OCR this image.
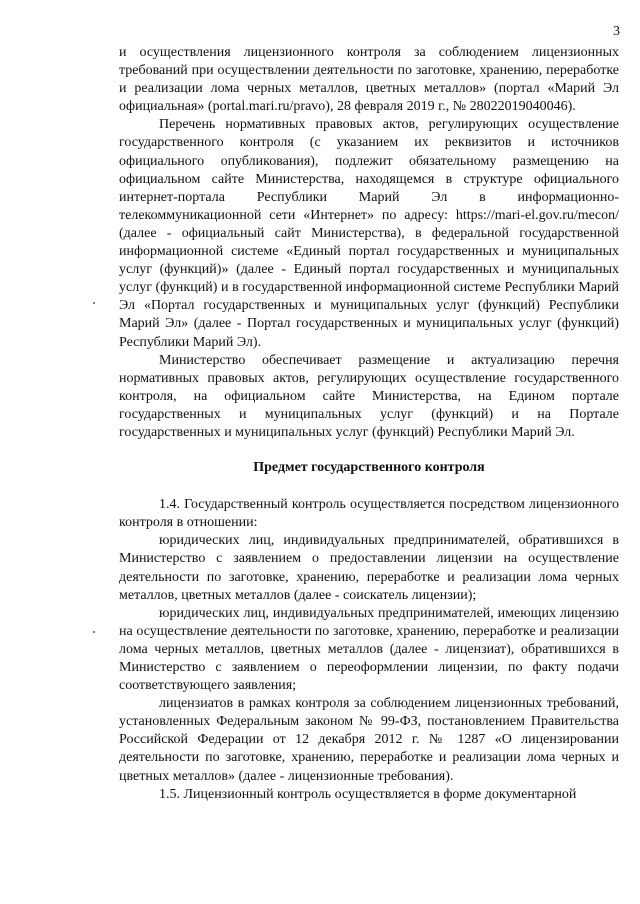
3

и осуществления лицензионного контроля за соблюдением лицензионных требований при осуществлении деятельности по заготовке, хранению, переработке и реализации лома черных металлов, цветных металлов» (портал «Марий Эл официальная» (portal.mari.ru/pravo), 28 февраля 2019 г., № 28022019040046).

Перечень нормативных правовых актов, регулирующих осуществление государственного контроля (с указанием их реквизитов и источников официального опубликования), подлежит обязательному размещению на официальном сайте Министерства, находящемся в структуре официального интернет-портала Республики Марий Эл в информационно-телекоммуникационной сети «Интернет» по адресу: https://mari-el.gov.ru/mecon/ (далее - официальный сайт Министерства), в федеральной государственной информационной системе «Единый портал государственных и муниципальных услуг (функций)» (далее - Единый портал государственных и муниципальных услуг (функций) и в государственной информационной системе Республики Марий Эл «Портал государственных и муниципальных услуг (функций) Республики Марий Эл» (далее - Портал государственных и муниципальных услуг (функций) Республики Марий Эл).

Министерство обеспечивает размещение и актуализацию перечня нормативных правовых актов, регулирующих осуществление государственного контроля, на официальном сайте Министерства, на Едином портале государственных и муниципальных услуг (функций) и на Портале государственных и муниципальных услуг (функций) Республики Марий Эл.

Предмет государственного контроля

1.4. Государственный контроль осуществляется посредством лицензионного контроля в отношении:

юридических лиц, индивидуальных предпринимателей, обратившихся в Министерство с заявлением о предоставлении лицензии на осуществление деятельности по заготовке, хранению, переработке и реализации лома черных металлов, цветных металлов (далее - соискатель лицензии);

юридических лиц, индивидуальных предпринимателей, имеющих лицензию на осуществление деятельности по заготовке, хранению, переработке и реализации лома черных металлов, цветных металлов (далее - лицензиат), обратившихся в Министерство с заявлением о переоформлении лицензии, по факту подачи соответствующего заявления;

лицензиатов в рамках контроля за соблюдением лицензионных требований, установленных Федеральным законом № 99-ФЗ, постановлением Правительства Российской Федерации от 12 декабря 2012 г. № 1287 «О лицензировании деятельности по заготовке, хранению, переработке и реализации лома черных и цветных металлов» (далее - лицензионные требования).

1.5. Лицензионный контроль осуществляется в форме документарной
